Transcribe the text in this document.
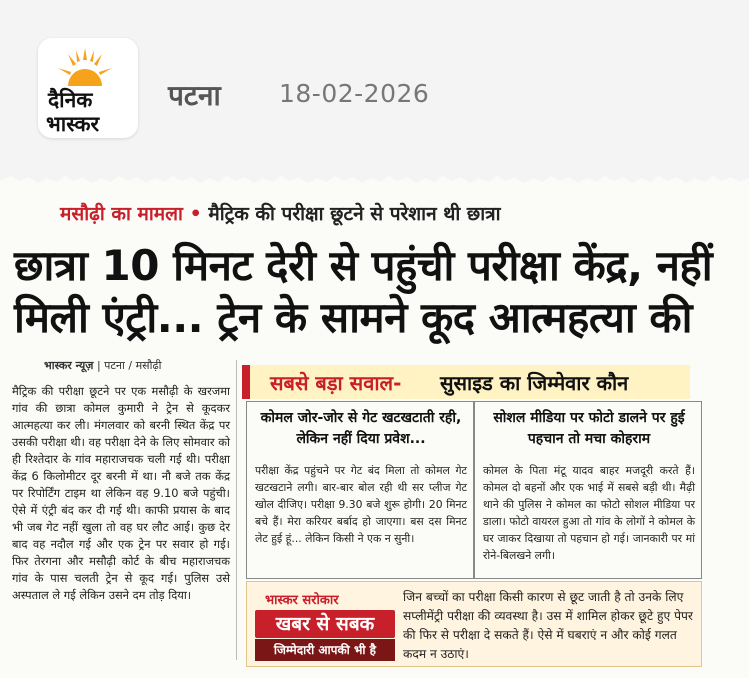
दैनिक
भास्कर
पटना 18-02-2026
मसौढ़ी का मामला • मैट्रिक की परीक्षा छूटने से परेशान थी छात्रा
छात्रा 10 मिनट देरी से पहुंची परीक्षा केंद्र, नहीं
मिली एंट्री... ट्रेन के सामने कूद आत्महत्या की
भास्कर न्यूज़ | पटना / मसौढ़ी
मैट्रिक की परीक्षा छूटने पर एक मसौढ़ी के खरजमा गांव की छात्रा कोमल कुमारी ने ट्रेन से कूदकर आत्महत्या कर ली। मंगलवार को बरनी स्थित केंद्र पर उसकी परीक्षा थी। वह परीक्षा देने के लिए सोमवार को ही रिश्तेदार के गांव महाराजचक चली गई थी। परीक्षा केंद्र 6 किलोमीटर दूर बरनी में था। नौ बजे तक केंद्र पर रिपोर्टिंग टाइम था लेकिन वह 9.10 बजे पहुंची। ऐसे में एंट्री बंद कर दी गई थी। काफी प्रयास के बाद भी जब गेट नहीं खुला तो वह घर लौट आई। कुछ देर बाद वह नदौल गई और एक ट्रेन पर सवार हो गई। फिर तेरगना और मसौढ़ी कोर्ट के बीच महाराजचक गांव के पास चलती ट्रेन से कूद गई। पुलिस उसे अस्पताल ले गई लेकिन उसने दम तोड़ दिया।
सबसे बड़ा सवाल- सुसाइड का जिम्मेवार कौन
कोमल जोर-जोर से गेट खटखटाती रही, लेकिन नहीं दिया प्रवेश...

परीक्षा केंद्र पहुंचने पर गेट बंद मिला तो कोमल गेट खटखटाने लगी। बार-बार बोल रही थी सर प्लीज गेट खोल दीजिए। परीक्षा 9.30 बजे शुरू होगी। 20 मिनट बचे हैं। मेरा करियर बर्बाद हो जाएगा। बस दस मिनट लेट हुई हूं... लेकिन किसी ने एक न सुनी।

सोशल मीडिया पर फोटो डालने पर हुई पहचान तो मचा कोहराम

कोमल के पिता मंटू यादव बाहर मजदूरी करते हैं। कोमल दो बहनों और एक भाई में सबसे बड़ी थी। मैढ़ी थाने की पुलिस ने कोमल का फोटो सोशल मीडिया पर डाला। फोटो वायरल हुआ तो गांव के लोगों ने कोमल के घर जाकर दिखाया तो पहचान हो गई। जानकारी पर मां रोने-बिलखने लगी।

भास्कर सरोकार
खबर से सबक
जिम्मेदारी आपकी भी है
जिन बच्चों का परीक्षा किसी कारण से छूट जाती है तो उनके लिए सप्लीमेंट्री परीक्षा की व्यवस्था है। उस में शामिल होकर छूटे हुए पेपर की फिर से परीक्षा दे सकते हैं। ऐसे में घबराएं न और कोई गलत कदम न उठाएं।
